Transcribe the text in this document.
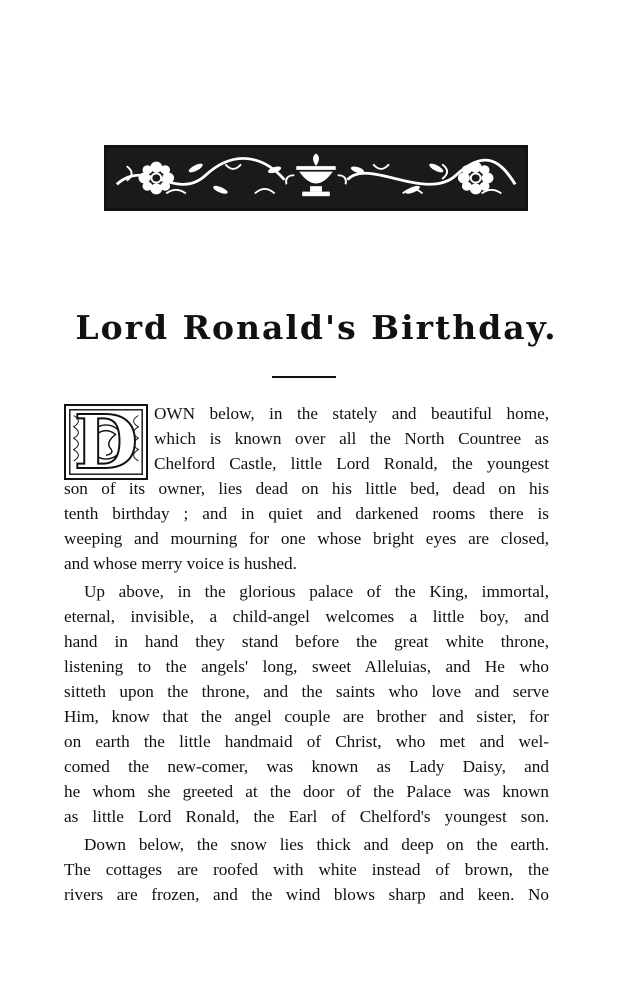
Lord Ronald's Birthday.
D OWN below, in the stately and beautiful home,
which is known over all the North Countree as
Chelford Castle, little Lord Ronald, the youngest
son of its owner, lies dead on his little bed, dead on his
tenth birthday ; and in quiet and darkened rooms there is
weeping and mourning for one whose bright eyes are closed,
and whose merry voice is hushed.
Up above, in the glorious palace of the King, immortal,
eternal, invisible, a child-angel welcomes a little boy, and
hand in hand they stand before the great white throne,
listening to the angels' long, sweet Alleluias, and He who
sitteth upon the throne, and the saints who love and serve
Him, know that the angel couple are brother and sister, for
on earth the little handmaid of Christ, who met and wel-
comed the new-comer, was known as Lady Daisy, and
he whom she greeted at the door of the Palace was known
as little Lord Ronald, the Earl of Chelford's youngest son.
Down below, the snow lies thick and deep on the earth.
The cottages are roofed with white instead of brown, the
rivers are frozen, and the wind blows sharp and keen. No
